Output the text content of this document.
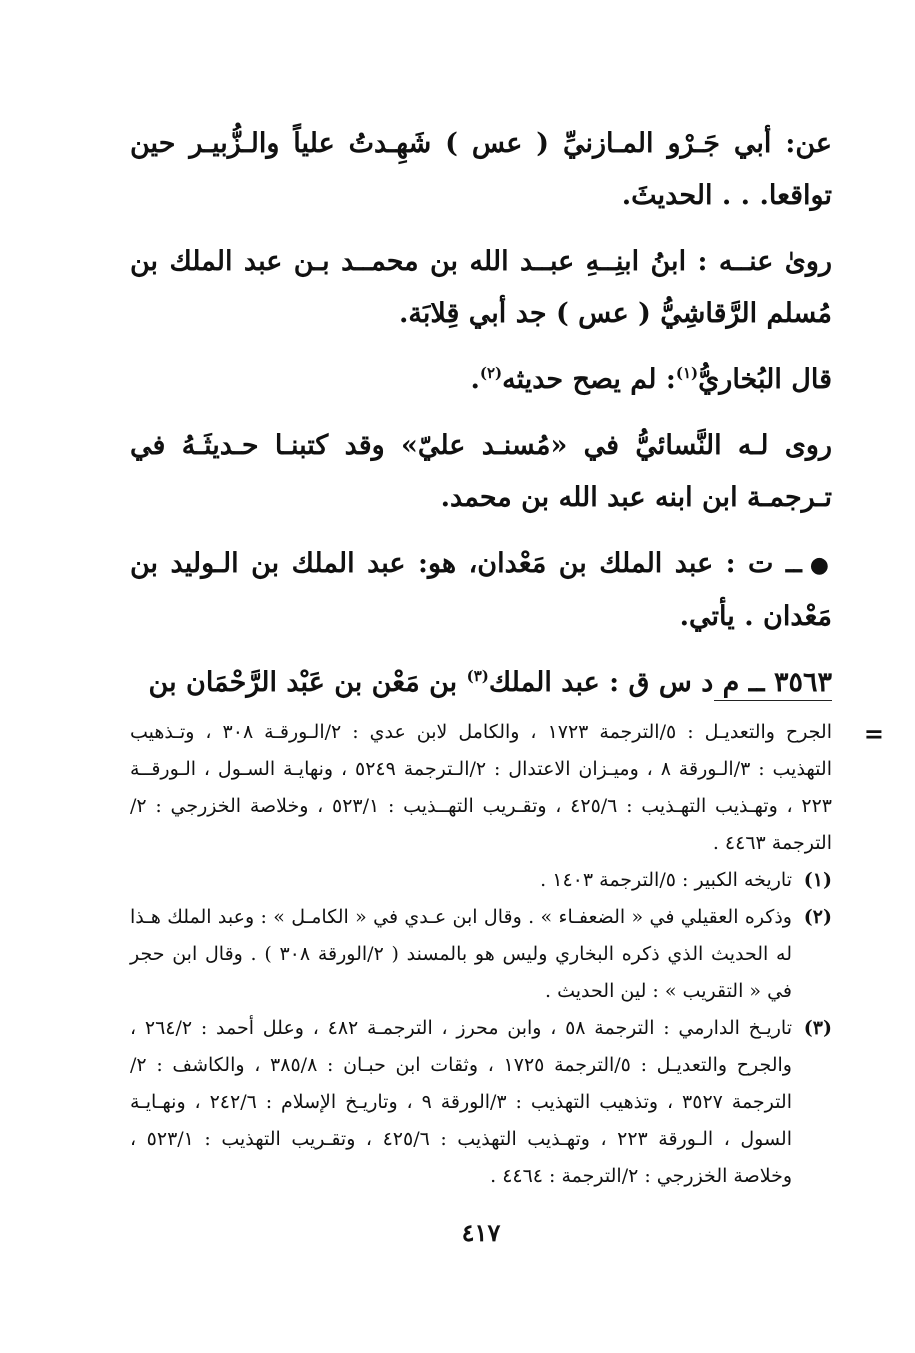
عن: أبي جَـرْو المـازنيِّ ( عس ) شَهِـدتُ علياً والـزُّبيـر حين تواقعا. . . الحديثَ.

روىٰ عنــه : ابنُ ابنِــهِ عبــد الله بن محمــد بـن عبد الملك بن مُسلم الرَّقاشِيُّ ( عس ) جد أبي قِلابَة.

قال البُخاريُّ$^{(١)}$: لم يصح حديثه$^{(٢)}$.

روى لـه النَّسائيُّ في «مُسنـد عليّ» وقد كتبنـا حـديثَـهُ في تـرجمـة ابن ابنه عبد الله بن محمد.

●ــ ت : عبد الملك بن مَعْدان، هو: عبد الملك بن الـوليد بن مَعْدان . يأتي.

٣٥٦٣ ــ م د س ق : عبد الملك$^{(٣)}$ بن مَعْن بن عَبْد الرَّحْمَان بن

=
الجرح والتعديـل : ٥/الترجمة ١٧٢٣ ، والكامل لابن عدي : ٢/الـورقـة ٣٠٨ ، وتـذهيب التهذيب : ٣/الـورقة ٨ ، وميـزان الاعتدال : ٢/الـترجمة ٥٢٤٩ ، ونهايـة السـول ، الـورقــة ٢٢٣ ، وتهـذيب التهـذيب : ٤٢٥/٦ ، وتقـريب التهــذيب : ٥٢٣/١ ، وخلاصة الخزرجي : ٢/الترجمة ٤٤٦٣ .
(١)
تاريخه الكبير : ٥/الترجمة ١٤٠٣ .
(٢)
وذكره العقيلي في « الضعفـاء » . وقال ابن عـدي في « الكامـل » : وعبد الملك هـذا له الحديث الذي ذكره البخاري وليس هو بالمسند ( ٢/الورقة ٣٠٨ ) . وقال ابن حجر في « التقريب » : لين الحديث .
(٣)
تاريـخ الدارمي : الترجمة ٥٨ ، وابن محرز ، الترجمـة ٤٨٢ ، وعلل أحمد : ٢٦٤/٢ ، والجرح والتعديـل : ٥/الترجمة ١٧٢٥ ، وثقات ابن حبـان : ٣٨٥/٨ ، والكاشف : ٢/الترجمة ٣٥٢٧ ، وتذهيب التهذيب : ٣/الورقة ٩ ، وتاريـخ الإسلام : ٢٤٢/٦ ، ونهـايـة السول ، الـورقة ٢٢٣ ، وتهـذيب التهذيب : ٤٢٥/٦ ، وتقـريب التهذيب : ٥٢٣/١ ، وخلاصة الخزرجي : ٢/الترجمة : ٤٤٦٤ .
٤١٧
